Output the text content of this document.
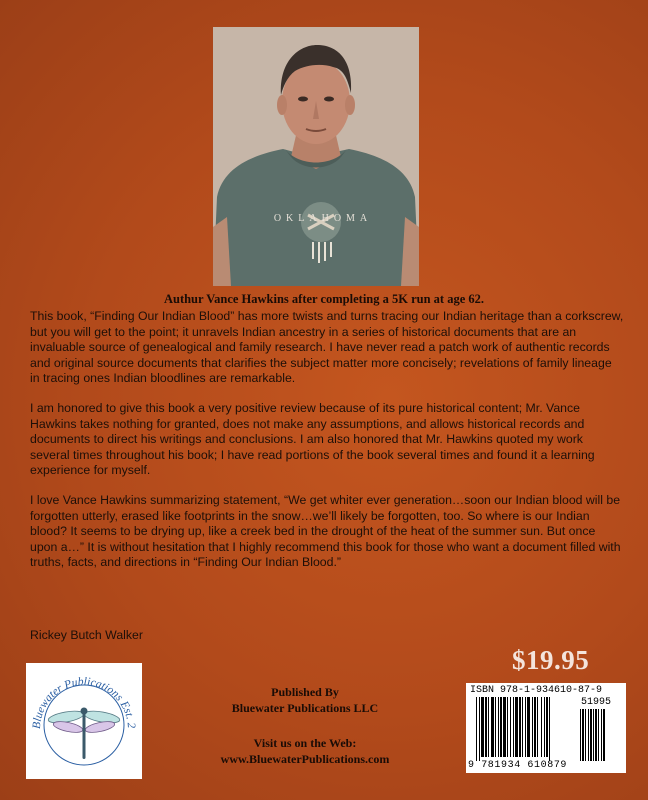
OKLAHOMA
Authur Vance Hawkins after completing a 5K run at age 62.

This book, “Finding Our Indian Blood” has more twists and turns tracing our Indian heritage than a corkscrew, but you will get to the point; it unravels Indian ancestry in a series of historical documents that are an invaluable source of genealogical and family research. I have never read a patch work of authentic records and original source documents that clarifies the subject matter more concisely; revelations of family lineage in tracing ones Indian bloodlines are remarkable.

I am honored to give this book a very positive review because of its pure historical content; Mr. Vance Hawkins takes nothing for granted, does not make any assumptions, and allows historical records and documents to direct his writings and conclusions. I am also honored that Mr. Hawkins quoted my work several times throughout his book; I have read portions of the book several times and found it a learning experience for myself.

I love Vance Hawkins summarizing statement, “We get whiter ever generation…soon our Indian blood will be forgotten utterly, erased like footprints in the snow…we’ll likely be forgotten, too. So where is our Indian blood? It seems to be drying up, like a creek bed in the drought of the heat of the summer sun. But once upon a…” It is without hesitation that I highly recommend this book for those who want a document filled with truths, facts, and directions in “Finding Our Indian Blood.”

Rickey Butch Walker
$19.95
Bluewater Publications Est. 2
Published By
Bluewater Publications LLC
Visit us on the Web:
www.BluewaterPublications.com
ISBN 978-1-934610-87-9
51995
9 781934 610879
